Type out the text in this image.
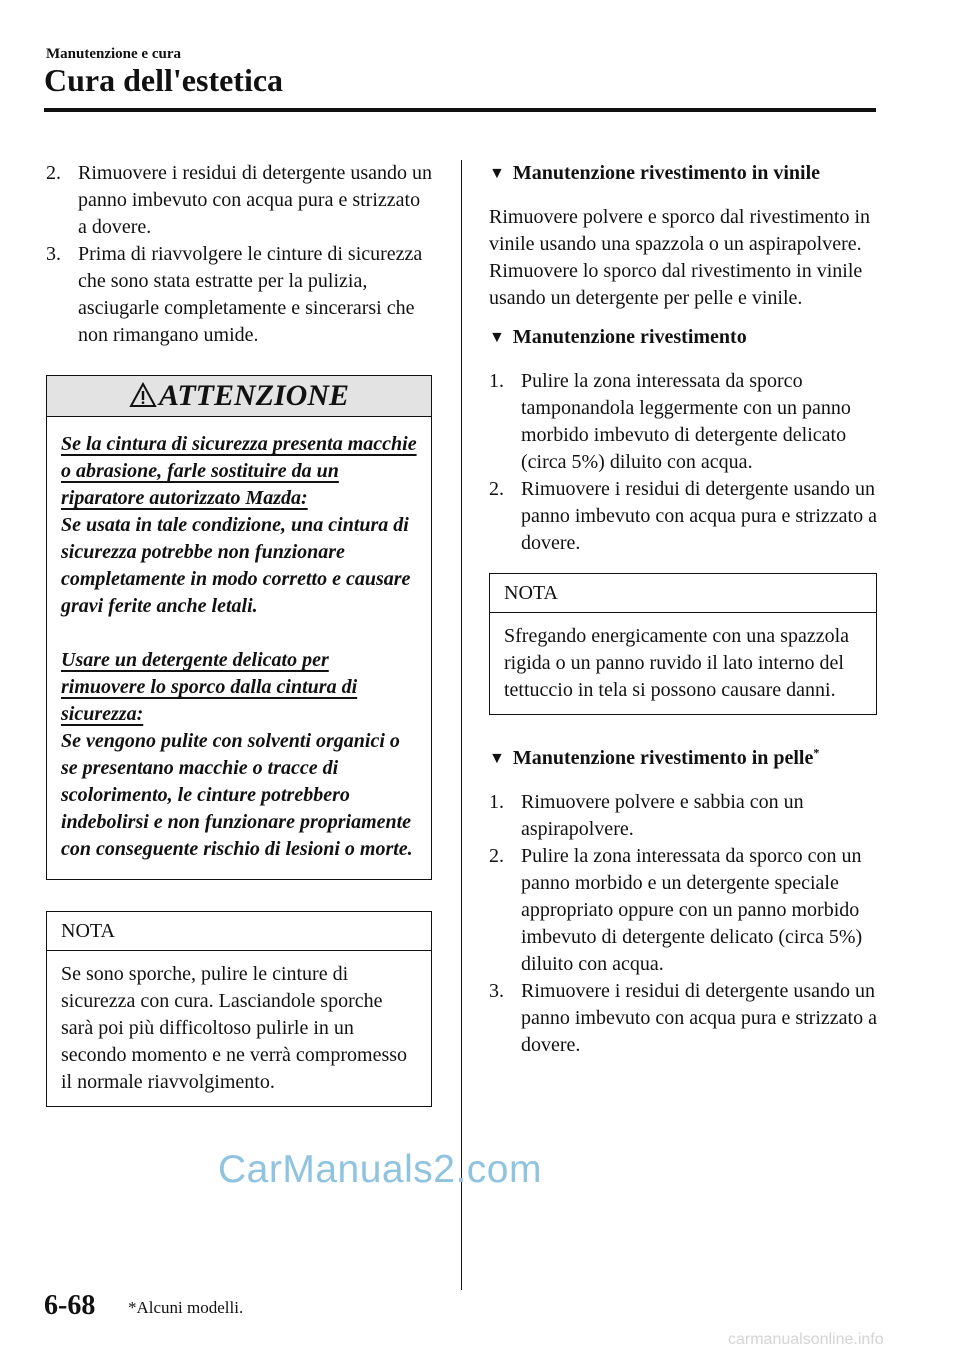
Manutenzione e cura
Cura dell'estetica
2. Rimuovere i residui di detergente usando un panno imbevuto con acqua pura e strizzato a dovere.
3. Prima di riavvolgere le cinture di sicurezza che sono stata estratte per la pulizia, asciugarle completamente e sincerarsi che non rimangano umide.
ATTENZIONE
Se la cintura di sicurezza presenta macchie o abrasione, farle sostituire da un riparatore autorizzato Mazda:
Se usata in tale condizione, una cintura di sicurezza potrebbe non funzionare completamente in modo corretto e causare gravi ferite anche letali.
Usare un detergente delicato per rimuovere lo sporco dalla cintura di sicurezza:
Se vengono pulite con solventi organici o se presentano macchie o tracce di scolorimento, le cinture potrebbero indebolirsi e non funzionare propriamente con conseguente rischio di lesioni o morte.
NOTA
Se sono sporche, pulire le cinture di sicurezza con cura. Lasciandole sporche sarà poi più difficoltoso pulirle in un secondo momento e ne verrà compromesso il normale riavvolgimento.
▼ Manutenzione rivestimento in vinile

Rimuovere polvere e sporco dal rivestimento in vinile usando una spazzola o un aspirapolvere.

Rimuovere lo sporco dal rivestimento in vinile usando un detergente per pelle e vinile.

▼ Manutenzione rivestimento
1. Pulire la zona interessata da sporco tamponandola leggermente con un panno morbido imbevuto di detergente delicato (circa 5%) diluito con acqua.
2. Rimuovere i residui di detergente usando un panno imbevuto con acqua pura e strizzato a dovere.
NOTA
Sfregando energicamente con una spazzola rigida o un panno ruvido il lato interno del tettuccio in tela si possono causare danni.
▼ Manutenzione rivestimento in pelle*
1. Rimuovere polvere e sabbia con un aspirapolvere.
2. Pulire la zona interessata da sporco con un panno morbido e un detergente speciale appropriato oppure con un panno morbido imbevuto di detergente delicato (circa 5%) diluito con acqua.
3. Rimuovere i residui di detergente usando un panno imbevuto con acqua pura e strizzato a dovere.
CarManuals2.com
6-68 *Alcuni modelli.
carmanualsonline.info
